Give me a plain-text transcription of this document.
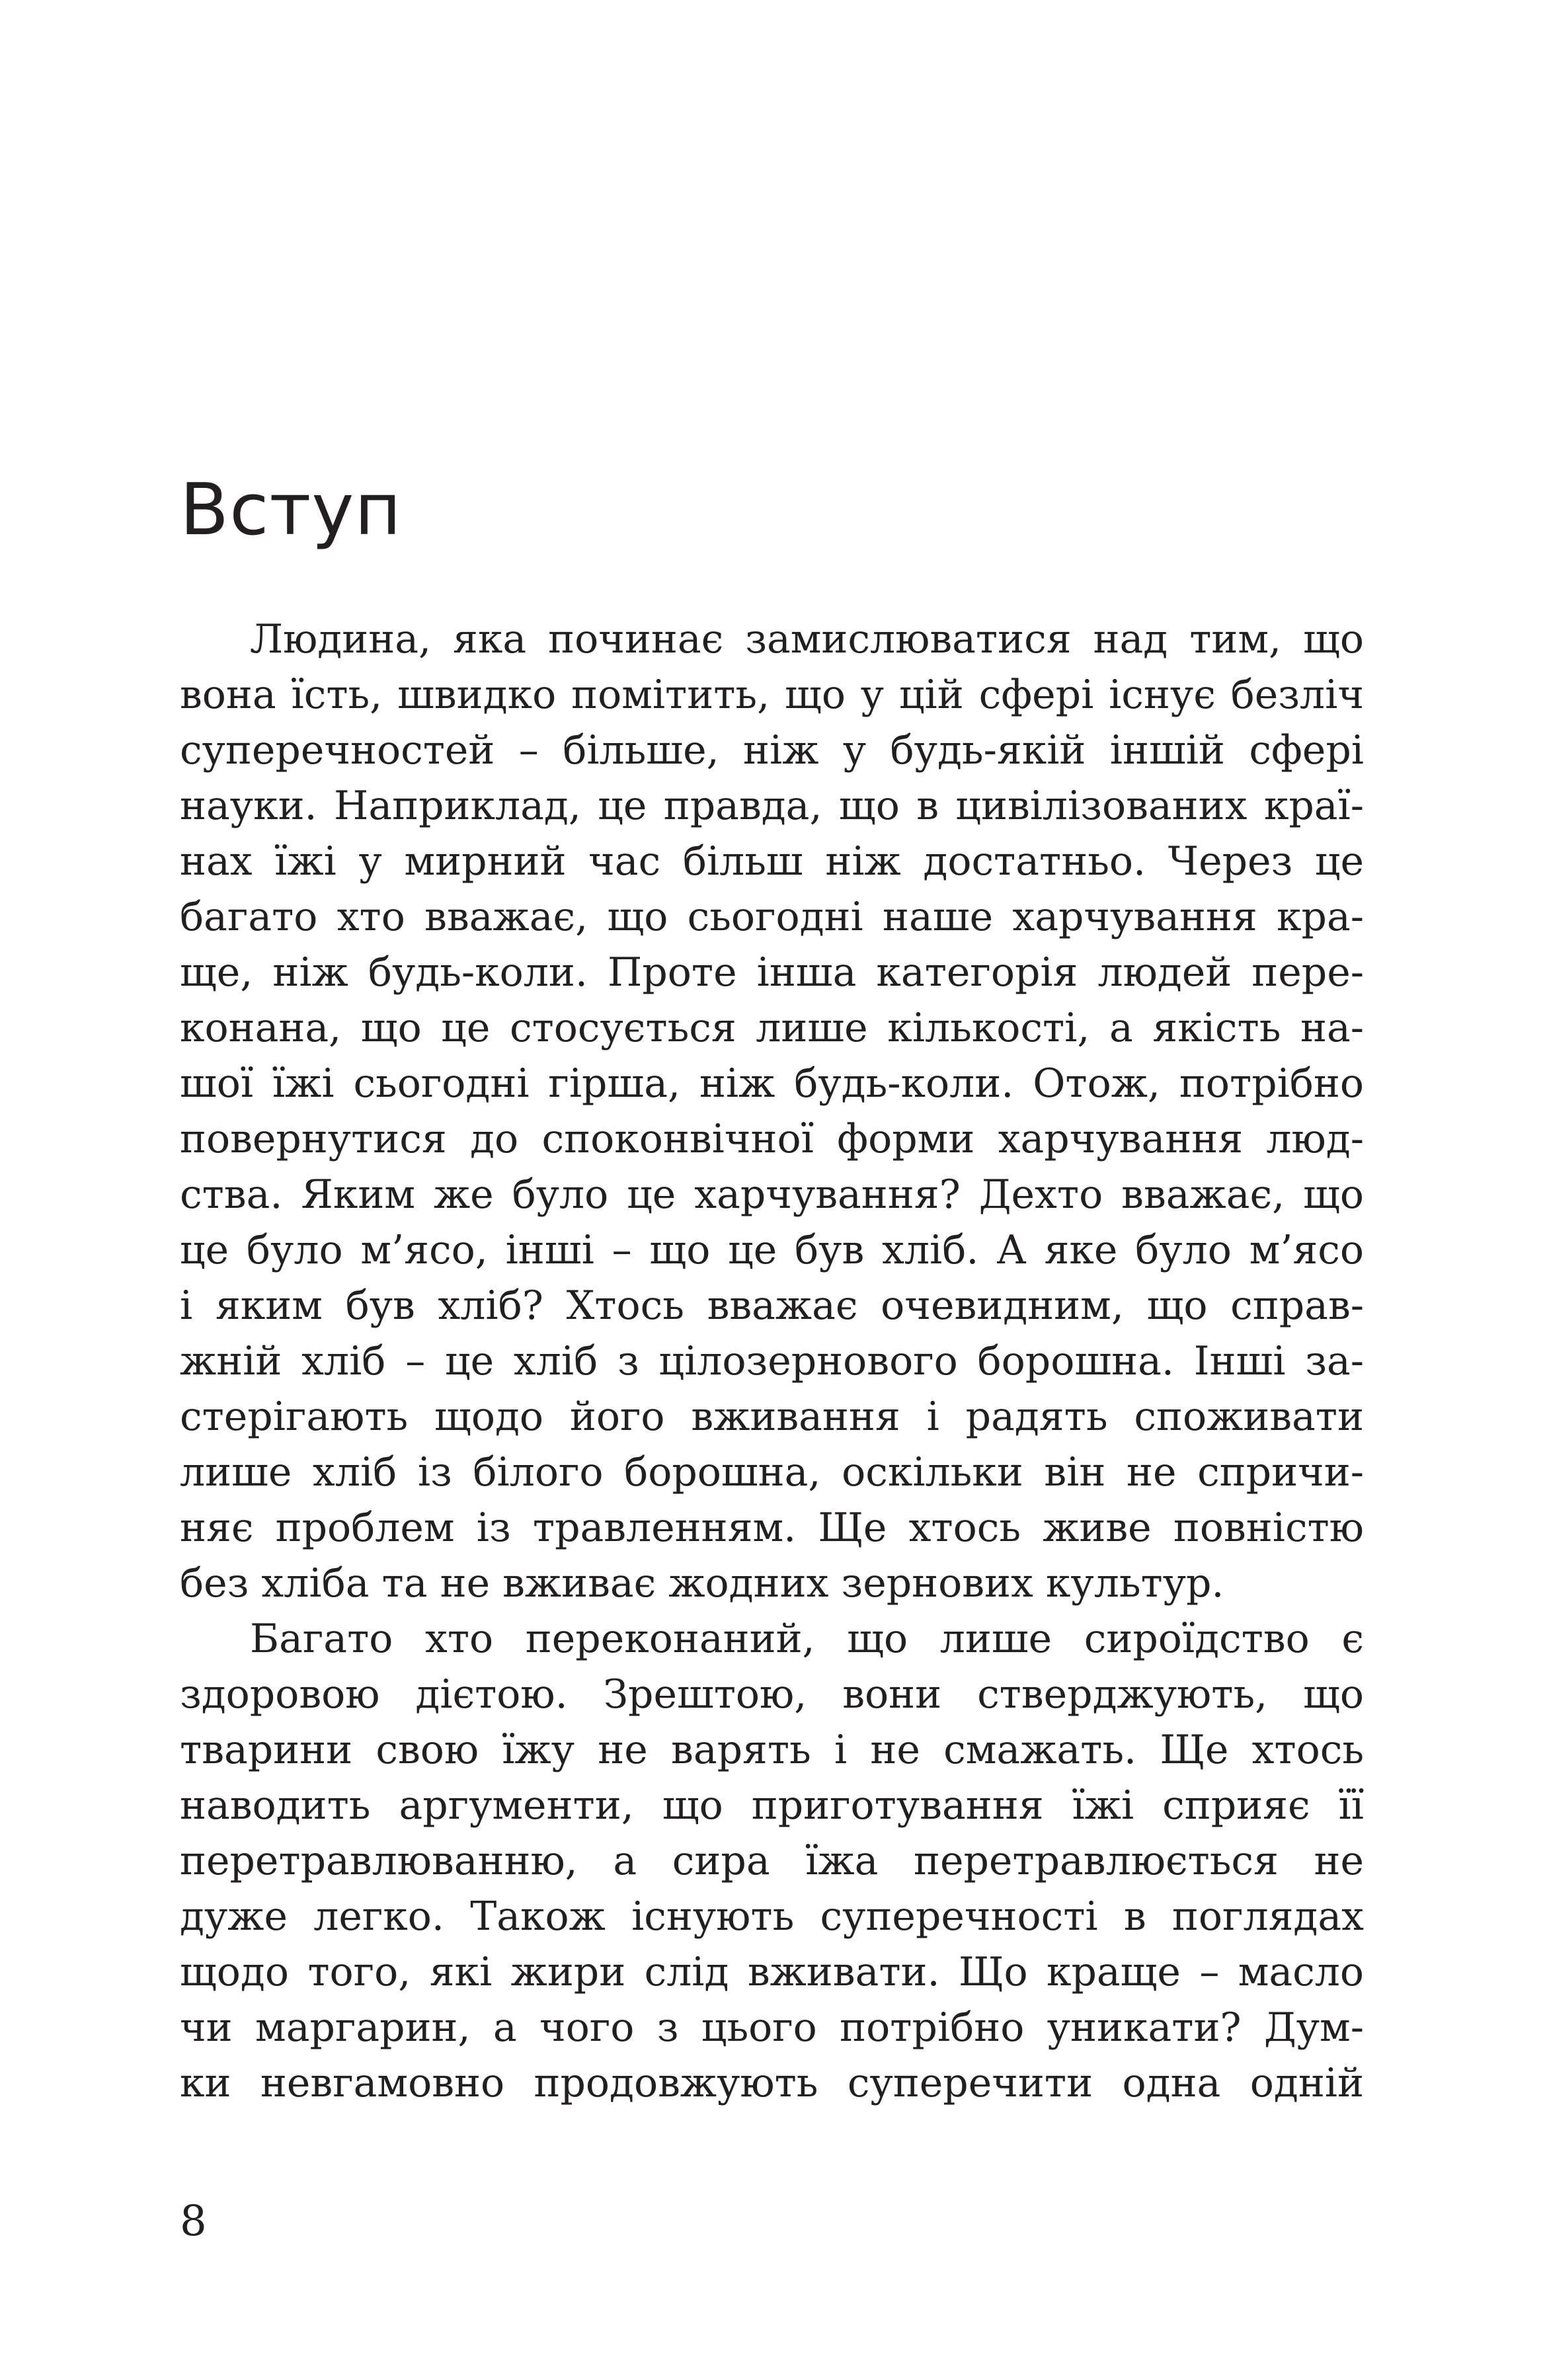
Вступ
Людина, яка починає замислюватися над тим, що
вона їсть, швидко помітить, що у цій сфері існує безліч
суперечностей – більше, ніж у будь-якій іншій сфері
науки. Наприклад, це правда, що в цивілізованих краї-
нах їжі у мирний час більш ніж достатньо. Через це
багато хто вважає, що сьогодні наше харчування кра-
ще, ніж будь-коли. Проте інша категорія людей пере-
конана, що це стосується лише кількості, а якість на-
шої їжі сьогодні гірша, ніж будь-коли. Отож, потрібно
повернутися до споконвічної форми харчування люд-
ства. Яким же було це харчування? Дехто вважає, що
це було м’ясо, інші – що це був хліб. А яке було м’ясо
і яким був хліб? Хтось вважає очевидним, що справ-
жній хліб – це хліб з цілозернового борошна. Інші за-
стерігають щодо його вживання і радять споживати
лише хліб із білого борошна, оскільки він не спричи-
няє проблем із травленням. Ще хтось живе повністю
без хліба та не вживає жодних зернових культур.
Багато хто переконаний, що лише сироїдство є
здоровою дієтою. Зрештою, вони стверджують, що
тварини свою їжу не варять і не смажать. Ще хтось
наводить аргументи, що приготування їжі сприяє її
перетравлюванню, а сира їжа перетравлюється не
дуже легко. Також існують суперечності в поглядах
щодо того, які жири слід вживати. Що краще – масло
чи маргарин, а чого з цього потрібно уникати? Дум-
ки невгамовно продовжують суперечити одна одній
8
